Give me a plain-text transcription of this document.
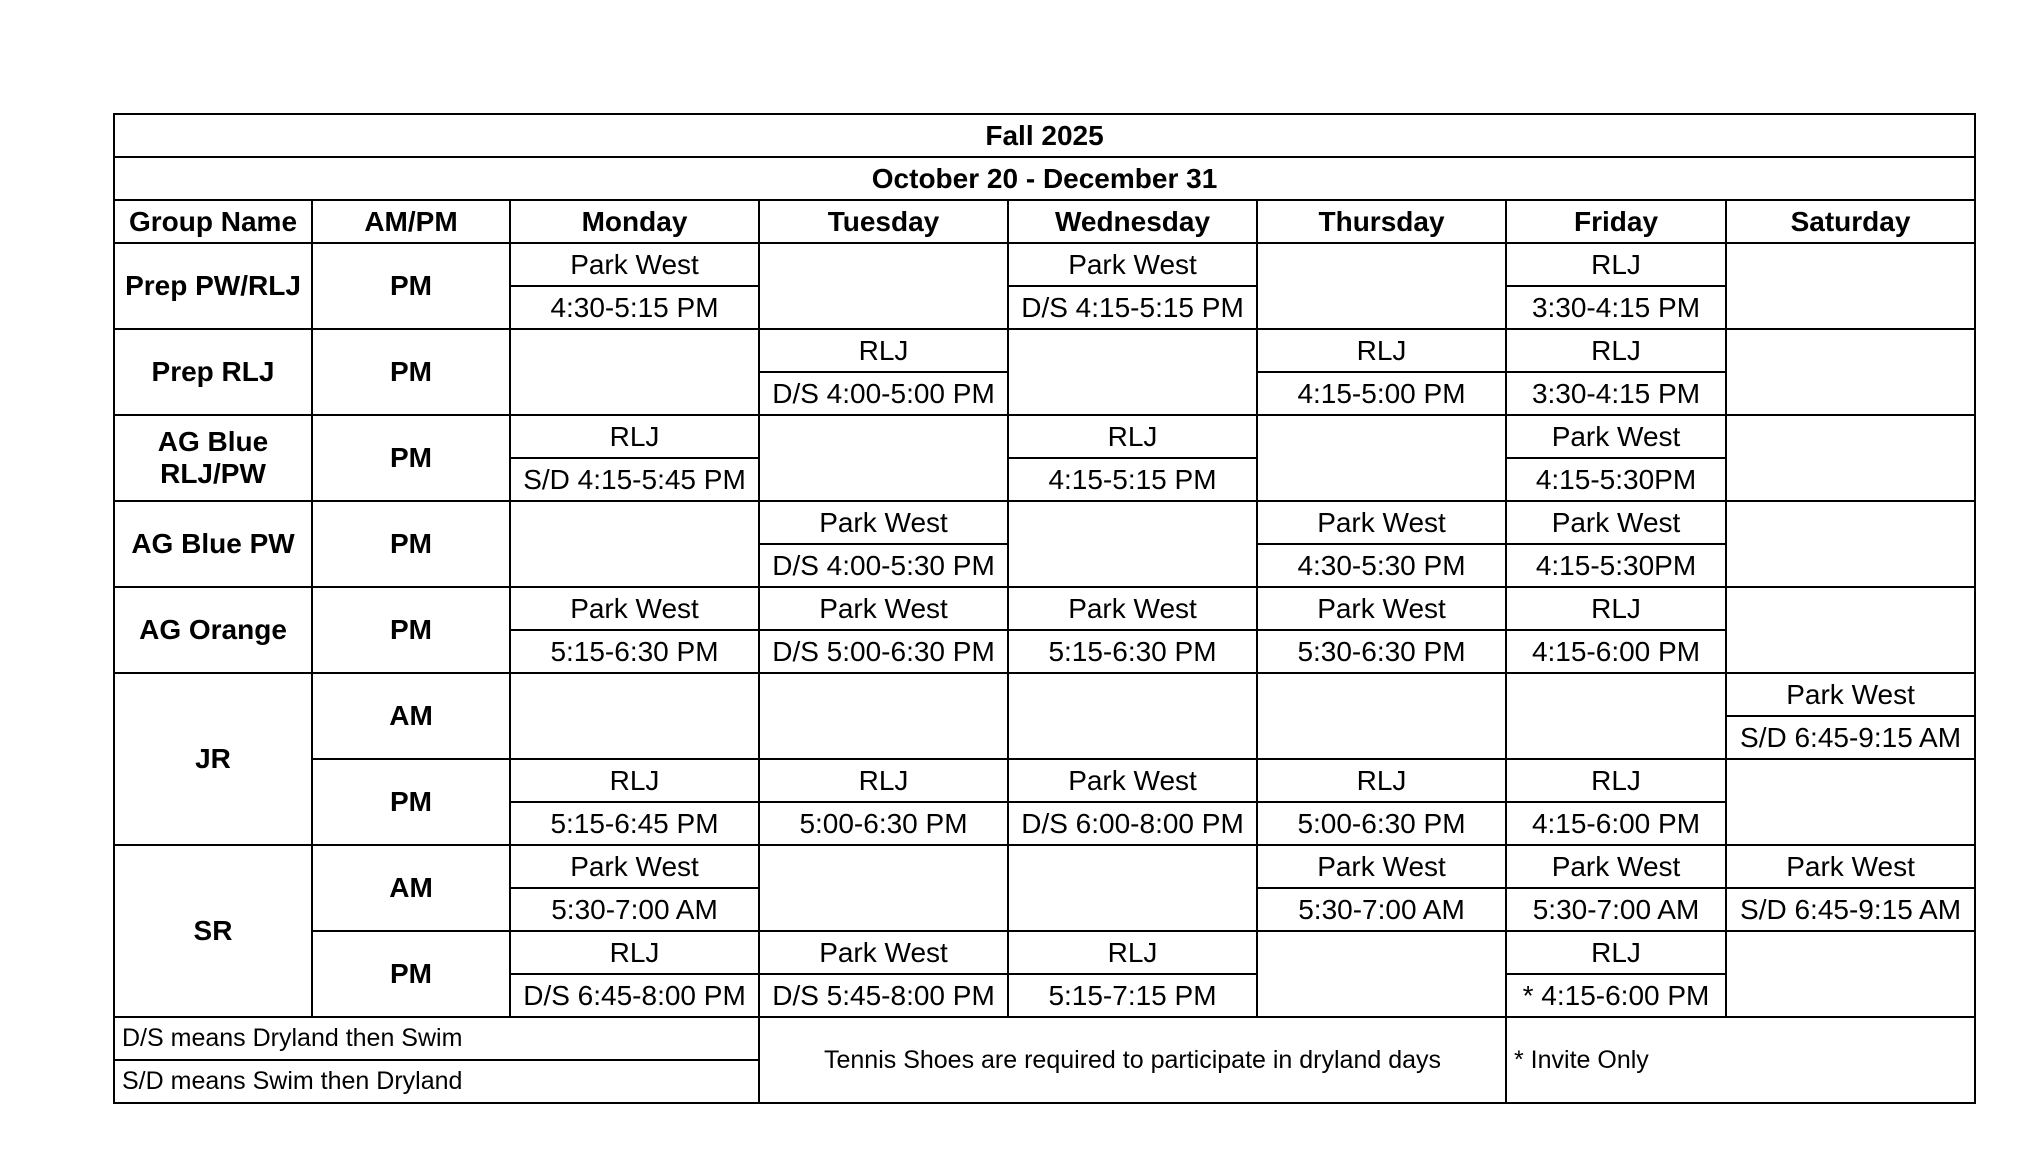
Fall 2025							
October 20 - December 31							
Group Name	AM/PM	Monday	Tuesday	Wednesday	Thursday	Friday	Saturday
Prep PW/RLJ	PM	Park West		Park West		RLJ	
		4:30-5:15 PM		D/S 4:15-5:15 PM		3:30-4:15 PM	
Prep RLJ	PM		RLJ		RLJ	RLJ	
			D/S 4:00-5:00 PM		4:15-5:00 PM	3:30-4:15 PM	
AG Blue RLJ/PW	PM	RLJ		RLJ		Park West	
		S/D 4:15-5:45 PM		4:15-5:15 PM		4:15-5:30PM	
AG Blue PW	PM		Park West		Park West	Park West	
			D/S 4:00-5:30 PM		4:30-5:30 PM	4:15-5:30PM	
AG Orange	PM	Park West	Park West	Park West	Park West	RLJ	
		5:15-6:30 PM	D/S 5:00-6:30 PM	5:15-6:30 PM	5:30-6:30 PM	4:15-6:00 PM	
JR	AM						Park West
							S/D 6:45-9:15 AM
	PM	RLJ	RLJ	Park West	RLJ	RLJ	
		5:15-6:45 PM	5:00-6:30 PM	D/S 6:00-8:00 PM	5:00-6:30 PM	4:15-6:00 PM	
SR	AM	Park West			Park West	Park West	Park West
		5:30-7:00 AM			5:30-7:00 AM	5:30-7:00 AM	S/D 6:45-9:15 AM
	PM	RLJ	Park West	RLJ		RLJ	
		D/S 6:45-8:00 PM	D/S 5:45-8:00 PM	5:15-7:15 PM		* 4:15-6:00 PM	
D/S means Dryland then Swim			Tennis Shoes are required to participate in dryland days			* Invite Only	
S/D means Swim then Dryland							
